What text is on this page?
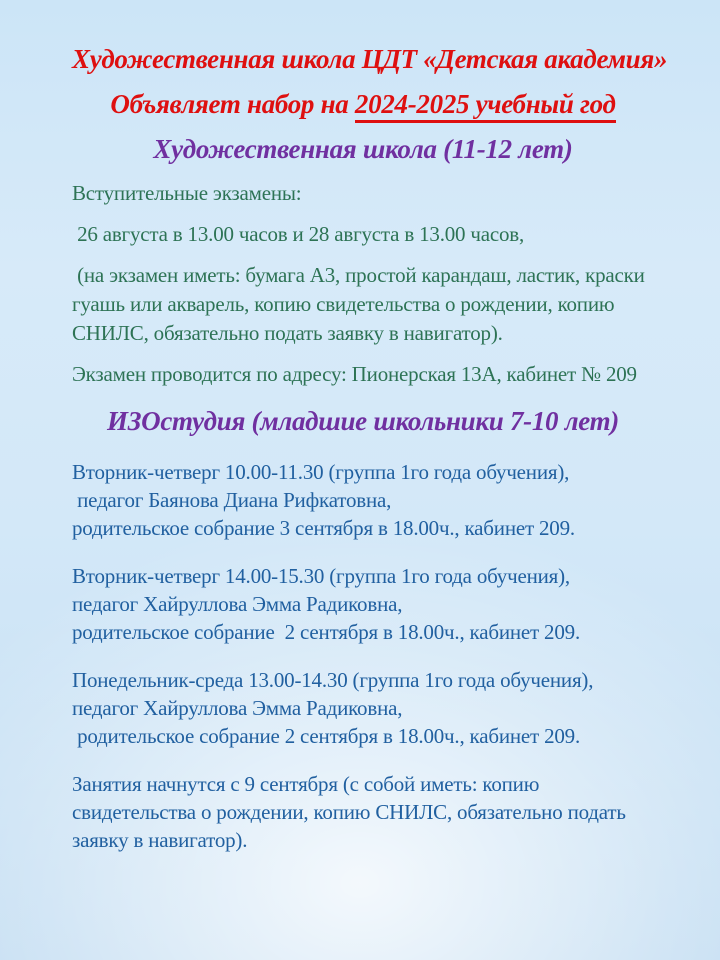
Художественная школа ЦДТ «Детская академия»
Объявляет набор на 2024-2025 учебный год
Художественная школа (11-12 лет)

Вступительные экзамены:

26 августа в 13.00 часов и 28 августа в 13.00 часов,

(на экзамен иметь: бумага А3, простой карандаш, ластик, краски гуашь или акварель, копию свидетельства о рождении, копию СНИЛС, обязательно подать заявку в навигатор).

Экзамен проводится по адресу: Пионерская 13А, кабинет № 209

ИЗОстудия (младшие школьники 7-10 лет)
Вторник-четверг 10.00-11.30 (группа 1го года обучения),
педагог Баянова Диана Рифкатовна,
родительское собрание 3 сентября в 18.00ч., кабинет 209.
Вторник-четверг 14.00-15.30 (группа 1го года обучения),
педагог Хайруллова Эмма Радиковна,
родительское собрание  2 сентября в 18.00ч., кабинет 209.
Понедельник-среда 13.00-14.30 (группа 1го года обучения),
педагог Хайруллова Эмма Радиковна,
родительское собрание 2 сентября в 18.00ч., кабинет 209.

Занятия начнутся с 9 сентября (с собой иметь: копию свидетельства о рождении, копию СНИЛС, обязательно подать заявку в навигатор).
